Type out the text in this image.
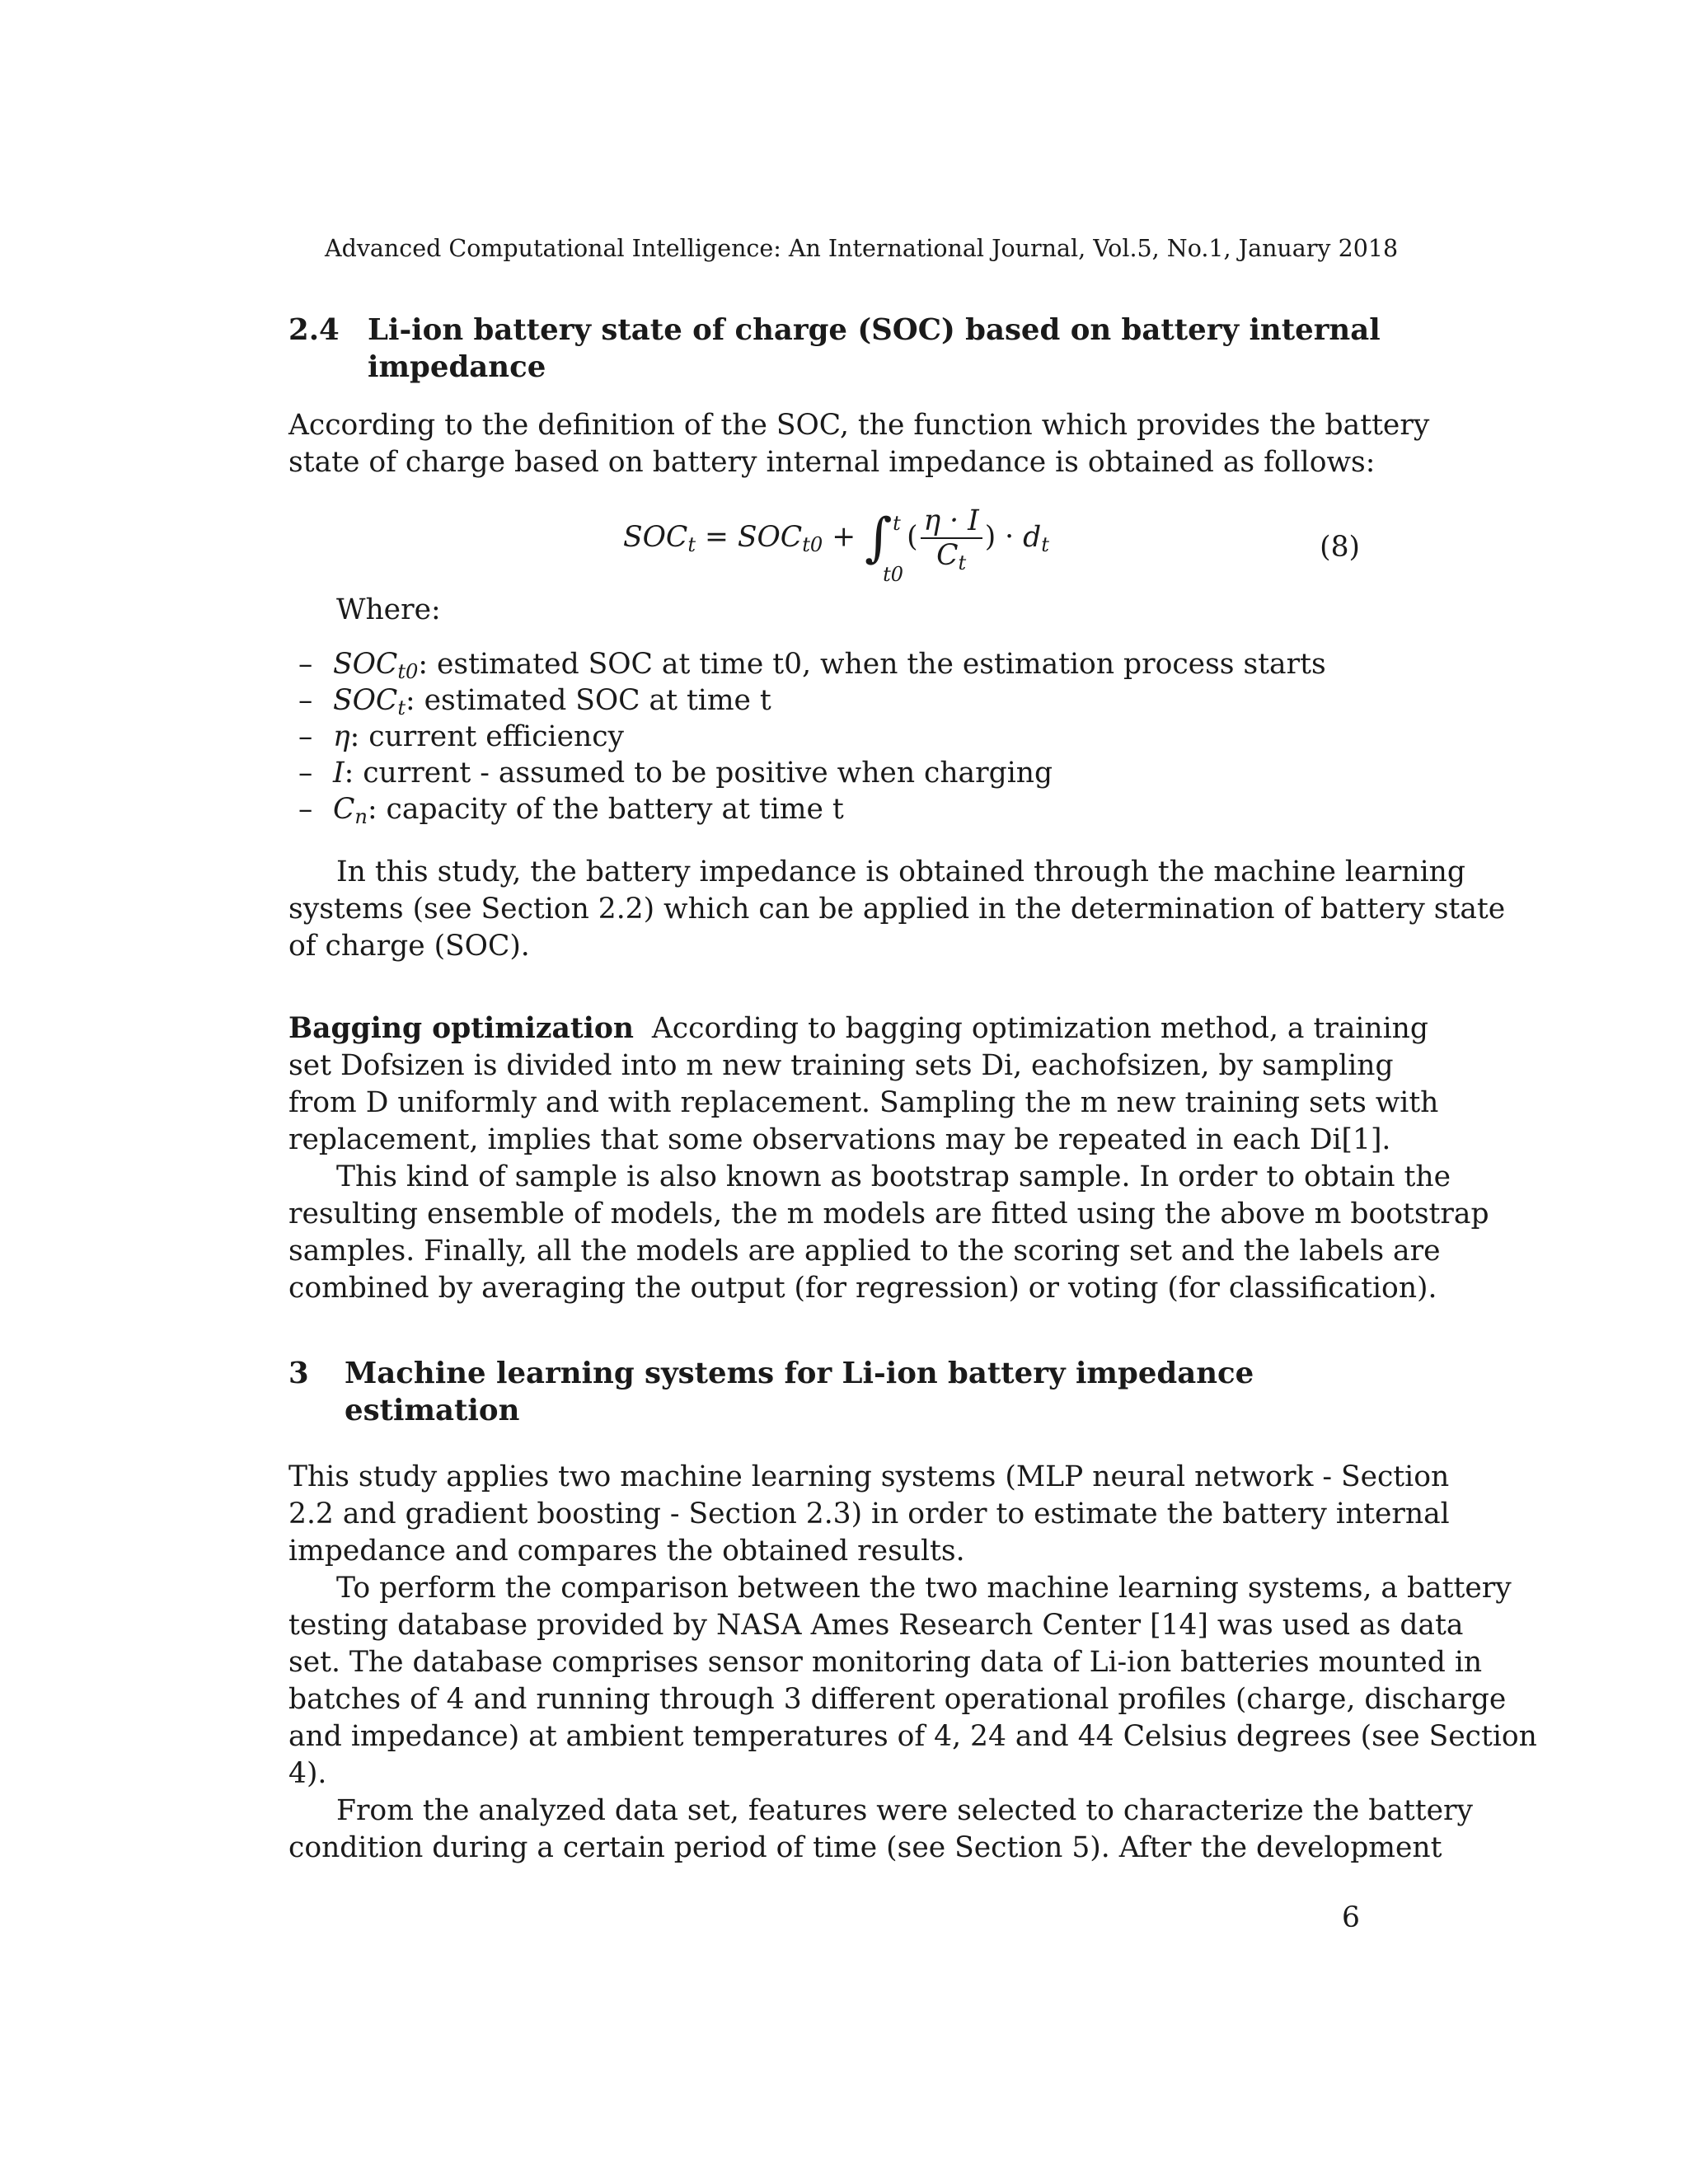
Advanced Computational Intelligence: An International Journal, Vol.5, No.1, January 2018
2.4 Li-ion battery state of charge (SOC) based on battery internal
impedance
According to the definition of the SOC, the function which provides the battery
state of charge based on battery internal impedance is obtained as follows:
$SOC_t = SOC_{t0}$ + ∫ t
t0
( $\frac{\eta \cdot I}{C_t}$ ) · $d_t$	(8)
Where:
– $SOC_{t0}$: estimated SOC at time t0, when the estimation process starts
– $SOC_t$: estimated SOC at time t
– η: current efficiency
– I: current - assumed to be positive when charging
– $C_n$: capacity of the battery at time t
In this study, the battery impedance is obtained through the machine learning
systems (see Section 2.2) which can be applied in the determination of battery state
of charge (SOC).
Bagging optimization According to bagging optimization method, a training
set Dofsizen is divided into m new training sets Di, eachofsizen, by sampling
from D uniformly and with replacement. Sampling the m new training sets with
replacement, implies that some observations may be repeated in each Di[1].
This kind of sample is also known as bootstrap sample. In order to obtain the
resulting ensemble of models, the m models are fitted using the above m bootstrap
samples. Finally, all the models are applied to the scoring set and the labels are
combined by averaging the output (for regression) or voting (for classification).
3 Machine learning systems for Li-ion battery impedance
estimation
This study applies two machine learning systems (MLP neural network - Section
2.2 and gradient boosting - Section 2.3) in order to estimate the battery internal
impedance and compares the obtained results.
To perform the comparison between the two machine learning systems, a battery
testing database provided by NASA Ames Research Center [14] was used as data
set. The database comprises sensor monitoring data of Li-ion batteries mounted in
batches of 4 and running through 3 different operational profiles (charge, discharge
and impedance) at ambient temperatures of 4, 24 and 44 Celsius degrees (see Section
4).
From the analyzed data set, features were selected to characterize the battery
condition during a certain period of time (see Section 5). After the development
6
